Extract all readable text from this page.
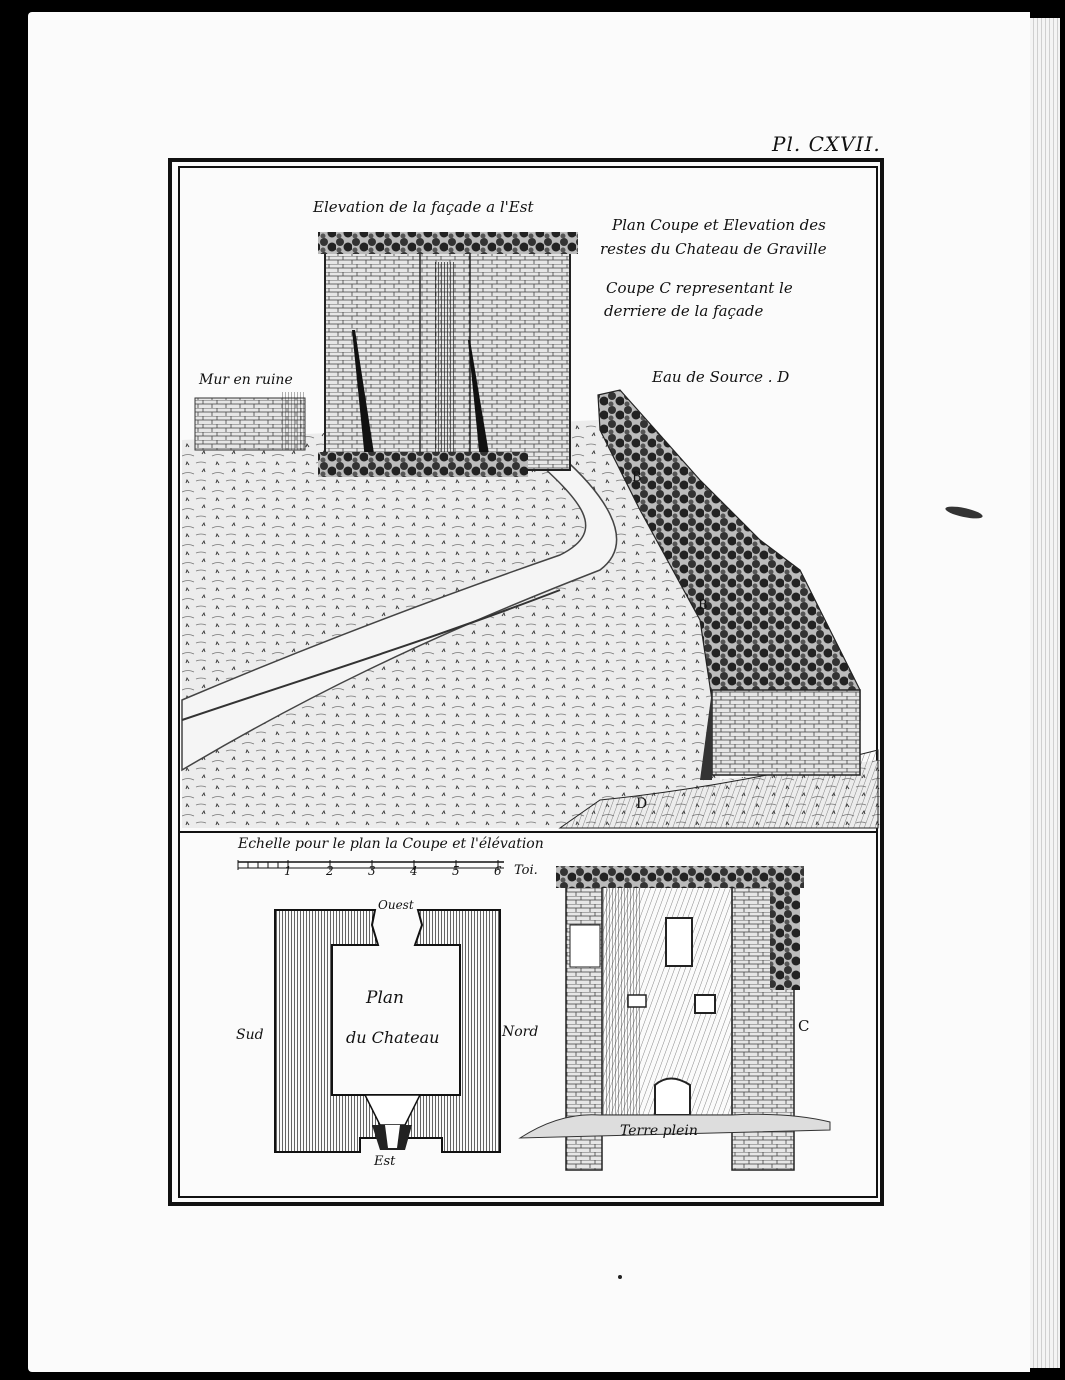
Pl. CXVII.
Elevation de la façade a l'Est
Plan Coupe et Elevation des
restes du Chateau de Graville
Coupe C representant le
derriere de la façade
Mur en ruine	Eau de Source . D
B
B
D
Echelle pour le plan la Coupe et l'élévation
1	2	3	4	5	6 Toi.
Ouest
Est
Sud	Nord
Plan
du Chateau
C
Terre plein
